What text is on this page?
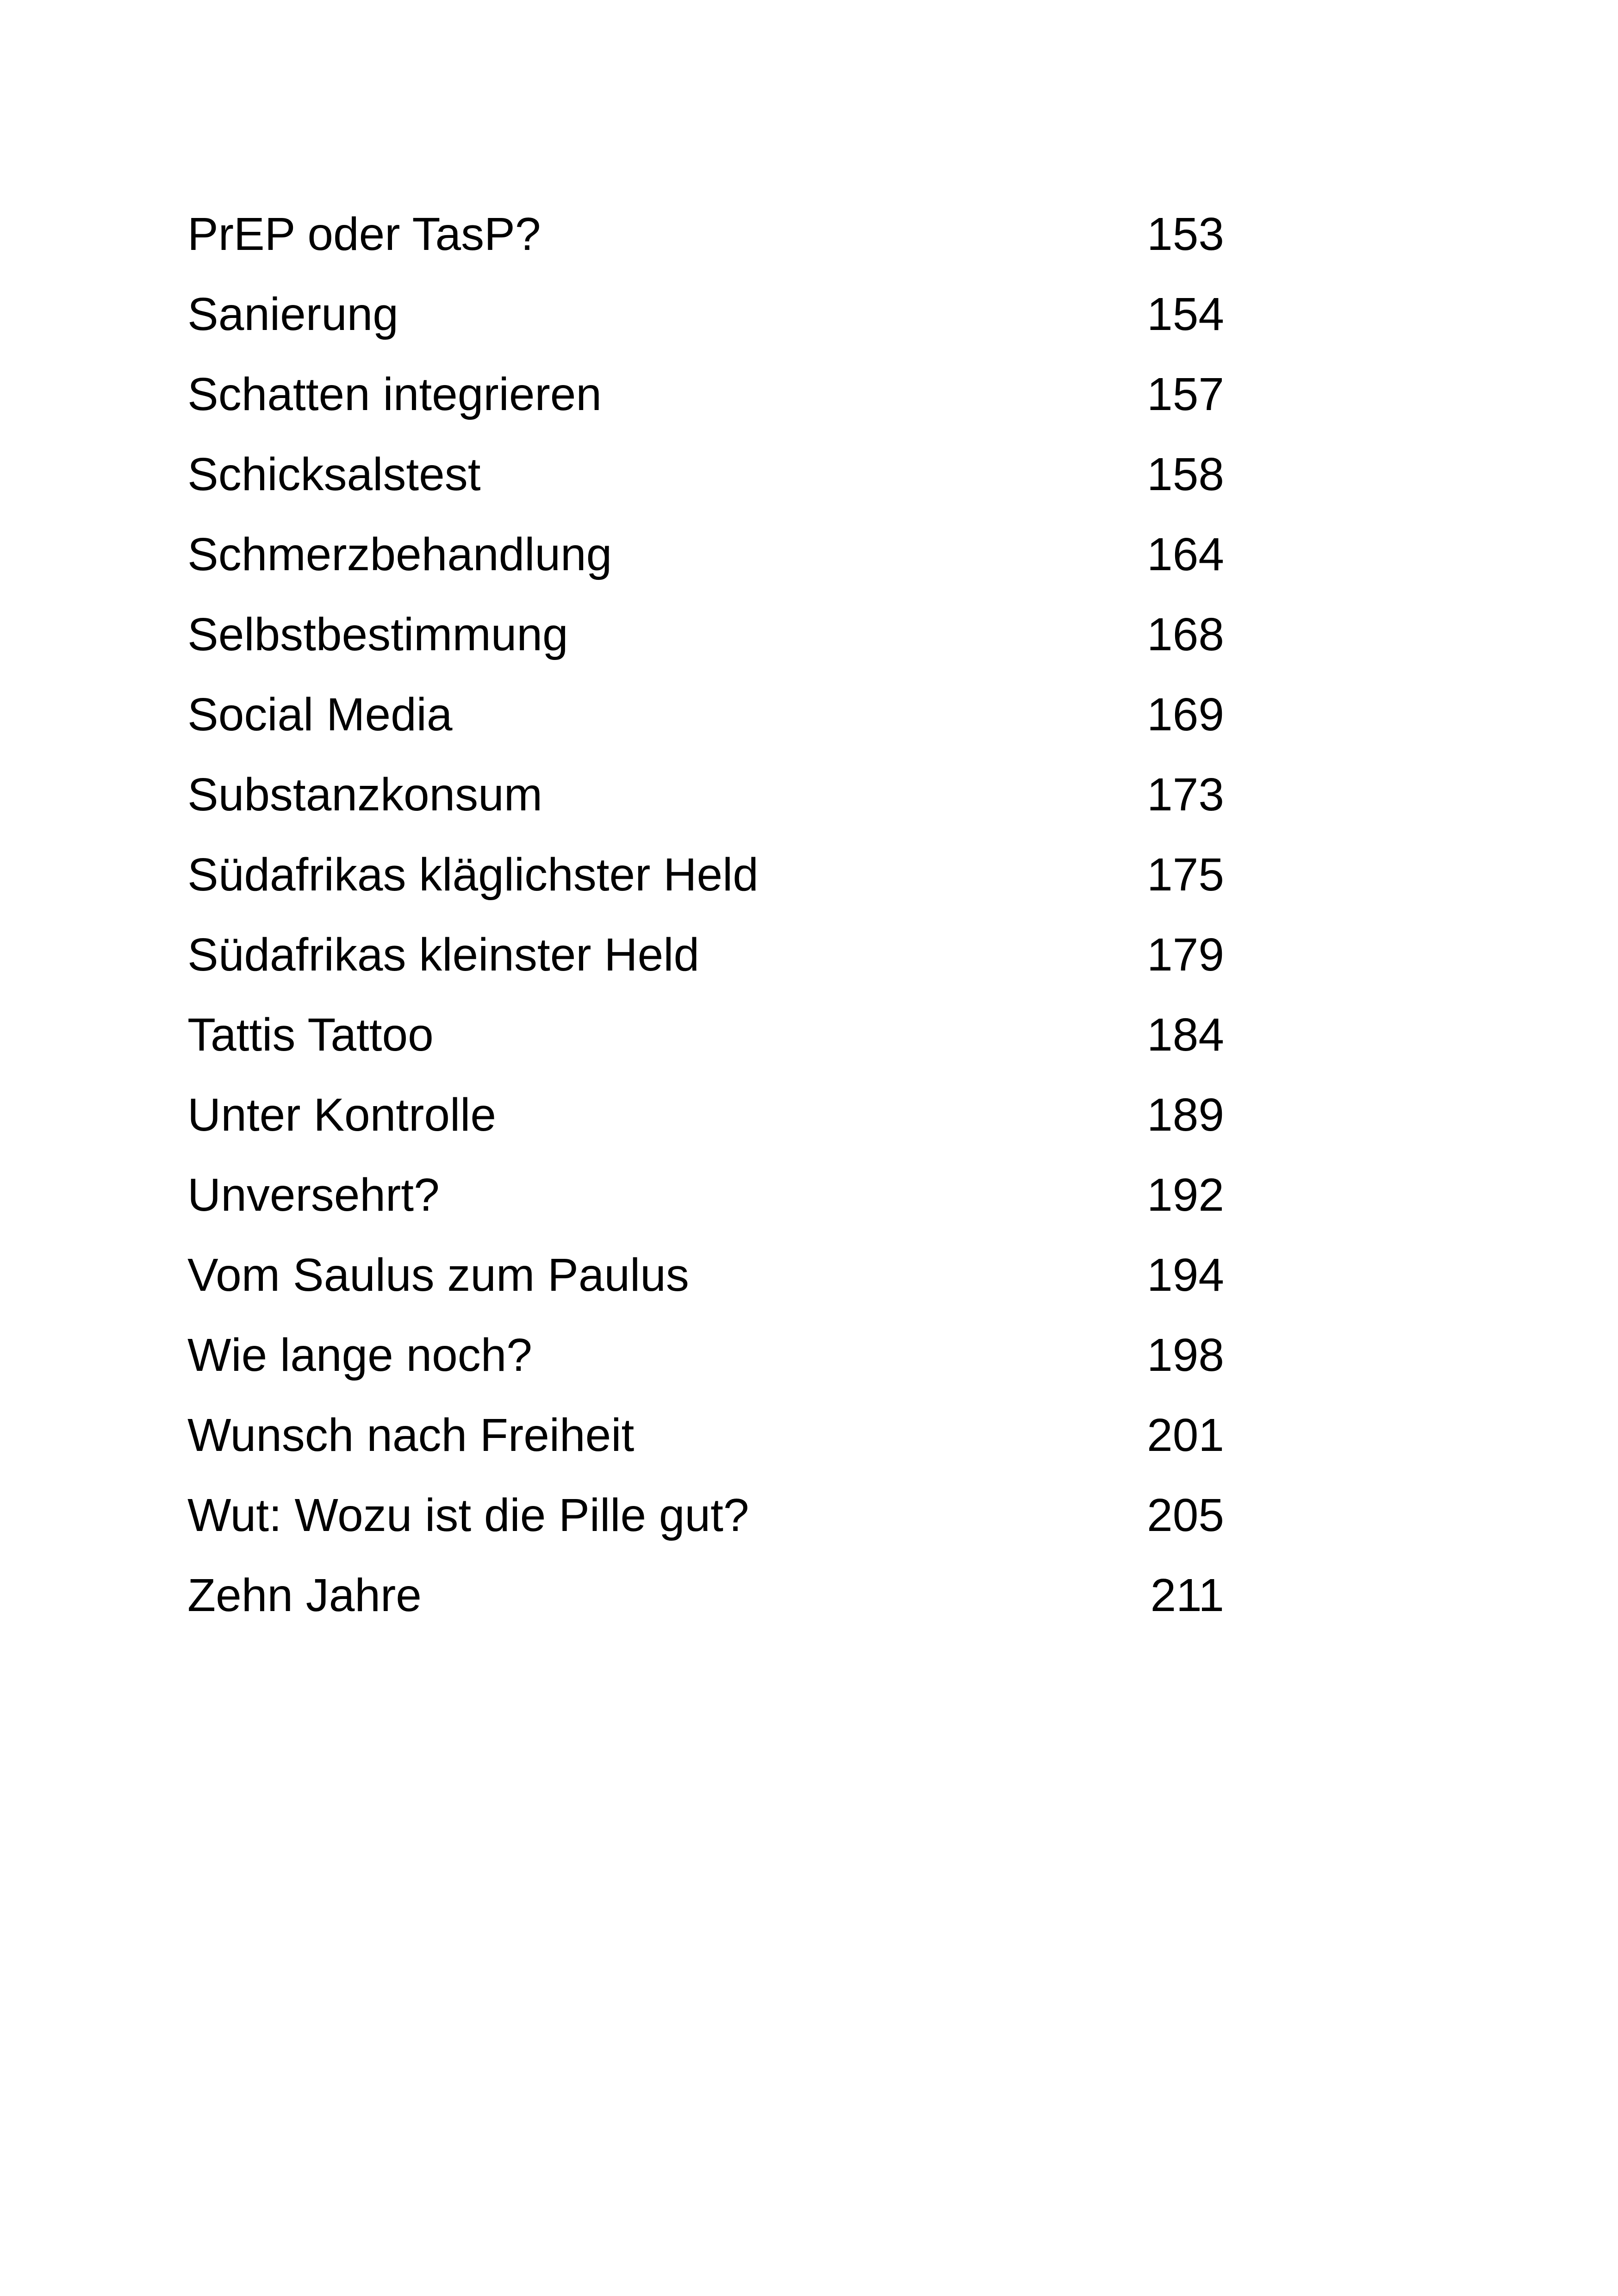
PrEP oder TasP?	153
Sanierung	154
Schatten integrieren	157
Schicksalstest	158
Schmerzbehandlung	164
Selbstbestimmung	168
Social Media	169
Substanzkonsum	173
Südafrikas kläglichster Held	175
Südafrikas kleinster Held	179
Tattis Tattoo	184
Unter Kontrolle	189
Unversehrt?	192
Vom Saulus zum Paulus	194
Wie lange noch?	198
Wunsch nach Freiheit	201
Wut: Wozu ist die Pille gut?	205
Zehn Jahre	211
